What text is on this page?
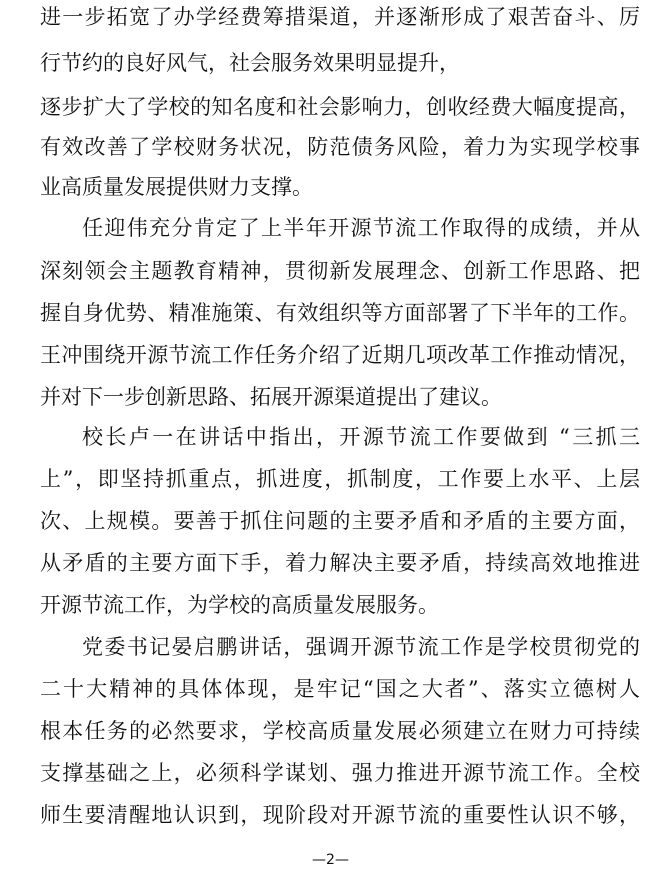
进一步拓宽了办学经费筹措渠道，并逐渐形成了艰苦奋斗、厉
行节约的良好风气，社会服务效果明显提升，
逐步扩大了学校的知名度和社会影响力，创收经费大幅度提高，
有效改善了学校财务状况，防范债务风险，着力为实现学校事
业高质量发展提供财力支撑。
任迎伟充分肯定了上半年开源节流工作取得的成绩，并从
深刻领会主题教育精神，贯彻新发展理念、创新工作思路、把
握自身优势、精准施策、有效组织等方面部署了下半年的工作。
王冲围绕开源节流工作任务介绍了近期几项改革工作推动情况，
并对下一步创新思路、拓展开源渠道提出了建议。
校长卢一在讲话中指出，开源节流工作要做到 “三抓三
上”，即坚持抓重点，抓进度，抓制度，工作要上水平、上层
次、上规模。要善于抓住问题的主要矛盾和矛盾的主要方面，
从矛盾的主要方面下手，着力解决主要矛盾，持续高效地推进
开源节流工作，为学校的高质量发展服务。
党委书记晏启鹏讲话，强调开源节流工作是学校贯彻党的
二十大精神的具体体现，是牢记“国之大者”、落实立德树人
根本任务的必然要求，学校高质量发展必须建立在财力可持续
支撑基础之上，必须科学谋划、强力推进开源节流工作。全校
师生要清醒地认识到，现阶段对开源节流的重要性认识不够，
—2—
